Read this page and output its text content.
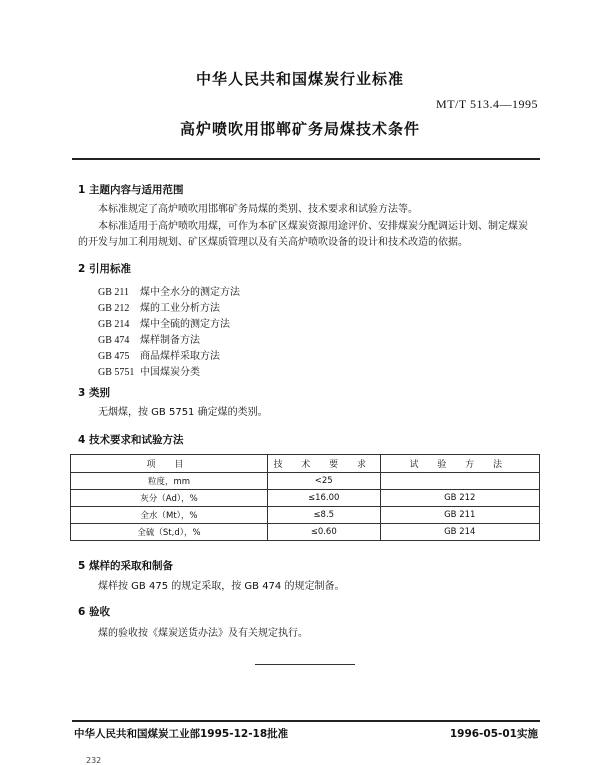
中华人民共和国煤炭行业标准
MT/T 513.4—1995
高炉喷吹用邯郸矿务局煤技术条件
1 主题内容与适用范围
本标准规定了高炉喷吹用邯郸矿务局煤的类别、技术要求和试验方法等。
本标准适用于高炉喷吹用煤，可作为本矿区煤炭资源用途评价、安排煤炭分配调运计划、制定煤炭
的开发与加工利用规划、矿区煤质管理以及有关高炉喷吹设备的设计和技术改造的依据。
2 引用标准
GB 211 煤中全水分的测定方法
GB 212 煤的工业分析方法
GB 214 煤中全硫的测定方法
GB 474 煤样制备方法
GB 475 商品煤样采取方法
GB 5751 中国煤炭分类
3 类别
无烟煤，按 GB 5751 确定煤的类别。
4 技术要求和试验方法
项 目	技 术 要 求	试 验 方 法
粒度，mm	<25	
灰分（Ad），%	≤16.00	GB 212
全水（Mt），%	≤8.5	GB 211
全硫（St,d），%	≤0.60	GB 214
5 煤样的采取和制备
煤样按 GB 475 的规定采取，按 GB 474 的规定制备。
6 验收
煤的验收按《煤炭送货办法》及有关规定执行。
中华人民共和国煤炭工业部1995-12-18批准	1996-05-01实施
232
